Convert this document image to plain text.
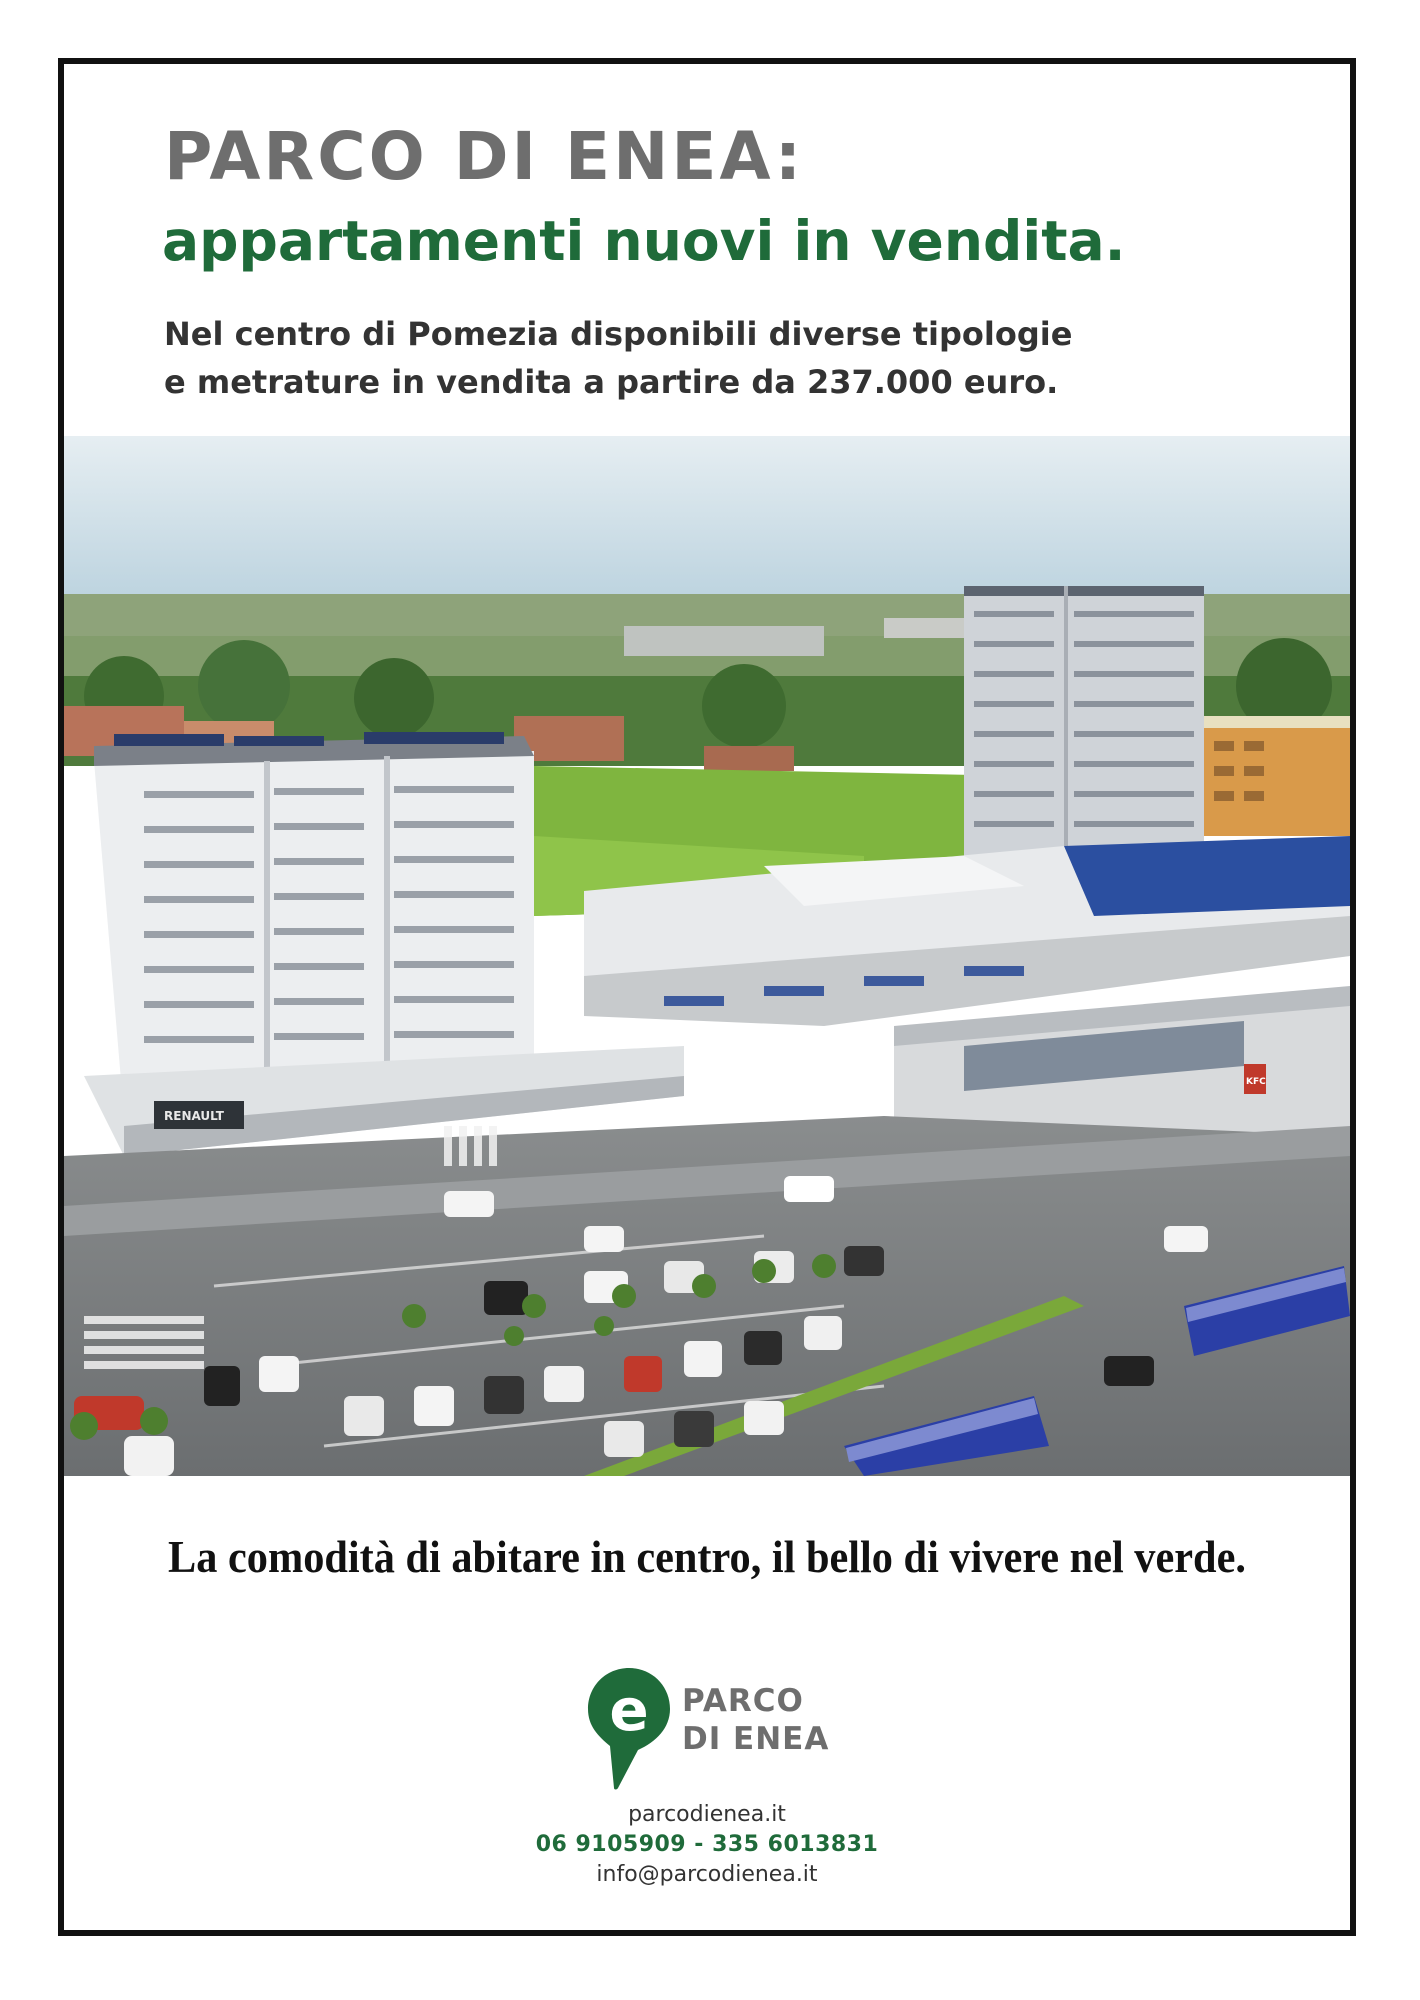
PARCO DI ENEA:
appartamenti nuovi in vendita.
Nel centro di Pomezia disponibili diverse tipologie
e metrature in vendita a partire da 237.000 euro.
RENAULT
KFC
La comodità di abitare in centro, il bello di vivere nel verde.
e PARCO
DI ENEA
parcodienea.it
06 9105909 - 335 6013831
info@parcodienea.it
